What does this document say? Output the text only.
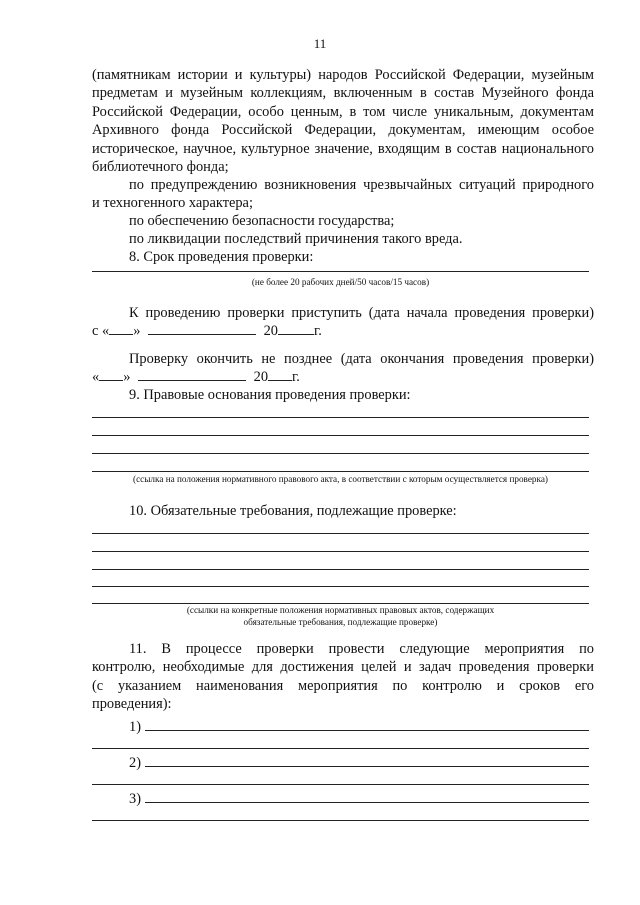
11
(памятникам истории и культуры) народов Российской Федерации, музейным
предметам и музейным коллекциям, включенным в состав Музейного фонда
Российской Федерации, особо ценным, в том числе уникальным, документам
Архивного фонда Российской Федерации, документам, имеющим особое
историческое, научное, культурное значение, входящим в состав национального
библиотечного фонда;
по предупреждению возникновения чрезвычайных ситуаций природного
и техногенного характера;
по обеспечению безопасности государства;
по ликвидации последствий причинения такого вреда.
8. Срок проведения проверки:
(не более 20 рабочих дней/50 часов/15 часов)
К проведению проверки приступить (дата начала проведения проверки)
с « »	20	г.
Проверку окончить не позднее (дата окончания проведения проверки)
« »	20 г.
9. Правовые основания проведения проверки:
(ссылка на положения нормативного правового акта, в соответствии с которым осуществляется проверка)
10. Обязательные требования, подлежащие проверке:
(ссылки на конкретные положения нормативных правовых актов, содержащих
обязательные требования, подлежащие проверке)
11. В процессе проверки провести следующие мероприятия по
контролю, необходимые для достижения целей и задач проведения проверки
(с указанием наименования мероприятия по контролю и сроков его
проведения):
1)
2)
3)
